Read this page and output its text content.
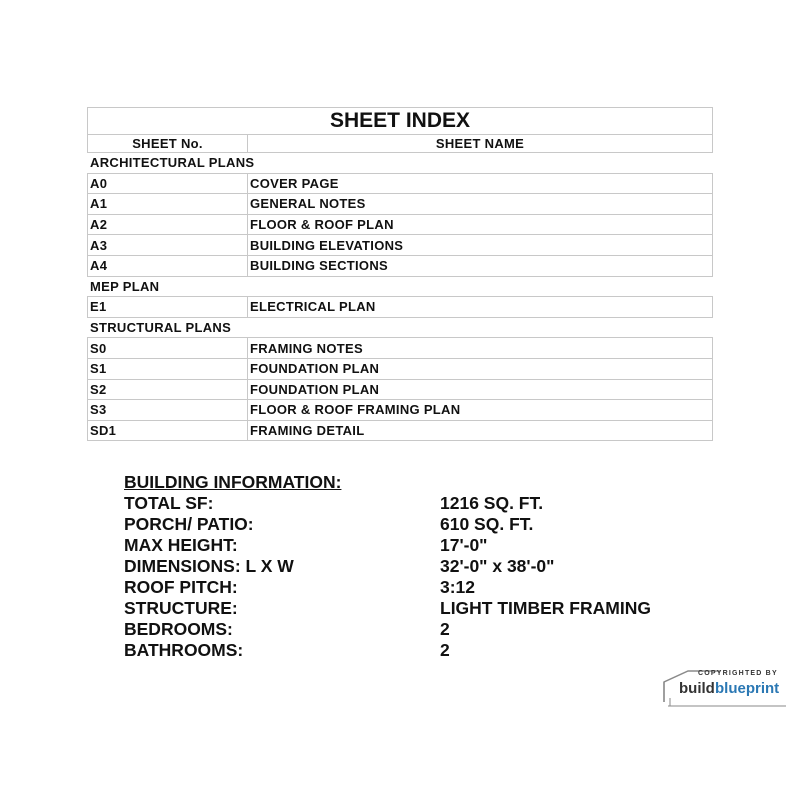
SHEET INDEX	
SHEET No.	SHEET NAME
ARCHITECTURAL PLANS	
A0	COVER PAGE
A1	GENERAL NOTES
A2	FLOOR & ROOF PLAN
A3	BUILDING ELEVATIONS
A4	BUILDING SECTIONS
MEP PLAN	
E1	ELECTRICAL PLAN
STRUCTURAL PLANS	
S0	FRAMING NOTES
S1	FOUNDATION PLAN
S2	FOUNDATION PLAN
S3	FLOOR & ROOF FRAMING PLAN
SD1	FRAMING DETAIL
BUILDING INFORMATION:
TOTAL SF:	1216 SQ. FT.
PORCH/ PATIO:	610 SQ. FT.
MAX HEIGHT:	17'-0"
DIMENSIONS: L X W	32'-0" x 38'-0"
ROOF PITCH:	3:12
STRUCTURE:	LIGHT TIMBER FRAMING
BEDROOMS:	2
BATHROOMS:	2
COPYRIGHTED BY
build blueprint
